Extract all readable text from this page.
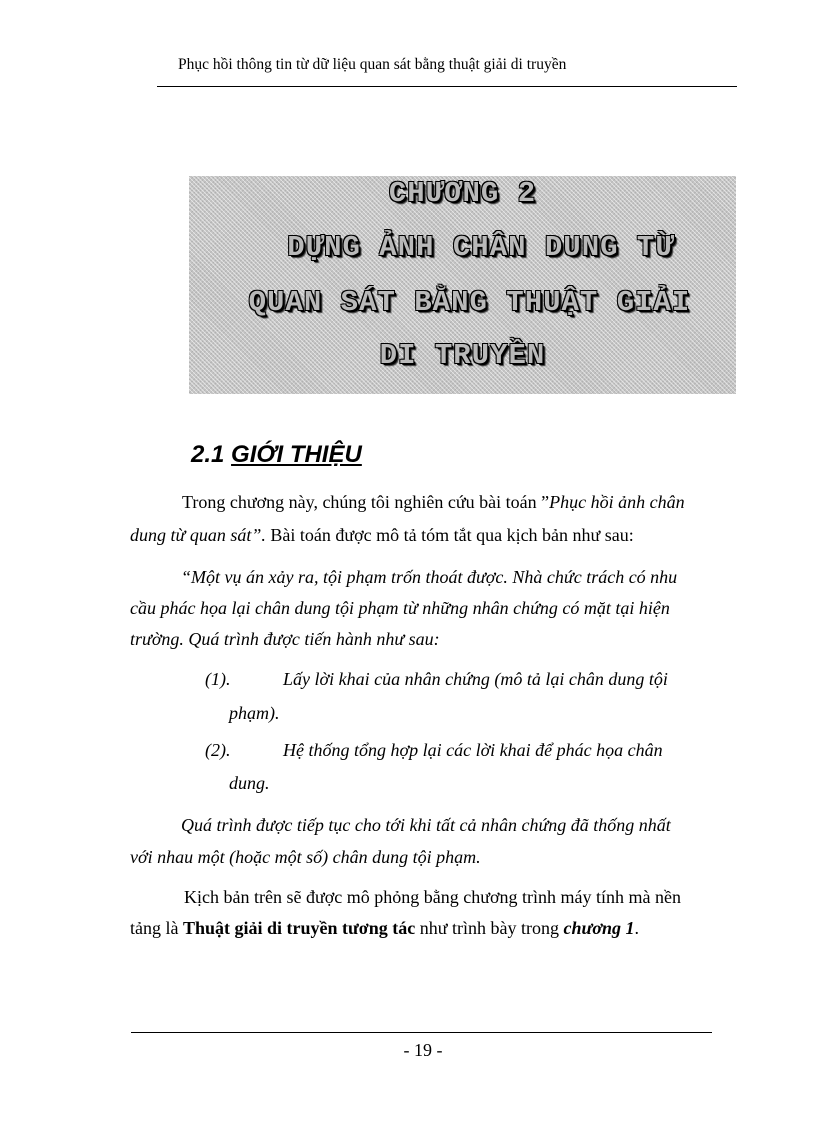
Phục hồi thông tin từ dữ liệu quan sát bằng thuật giải di truyền
CHƯƠNG 2
DỰNG ẢNH CHÂN DUNG TỪ
QUAN SÁT BẰNG THUẬT GIẢI
DI TRUYỀN
2.1 GIỚI THIỆU
Trong chương này, chúng tôi nghiên cứu bài toán ”Phục hồi ảnh chân
dung từ quan sát”. Bài toán được mô tả tóm tắt qua kịch bản như sau:
“Một vụ án xảy ra, tội phạm trốn thoát được. Nhà chức trách có nhu
cầu phác họa lại chân dung tội phạm từ những nhân chứng có mặt tại hiện
trường. Quá trình được tiến hành như sau:
(1).	Lấy lời khai của nhân chứng (mô tả lại chân dung tội
phạm).
(2).	Hệ thống tổng hợp lại các lời khai để phác họa chân
dung.
Quá trình được tiếp tục cho tới khi tất cả nhân chứng đã thống nhất
với nhau một (hoặc một số) chân dung tội phạm.
Kịch bản trên sẽ được mô phỏng bằng chương trình máy tính mà nền
tảng là Thuật giải di truyền tương tác như trình bày trong chương 1.
- 19 -
